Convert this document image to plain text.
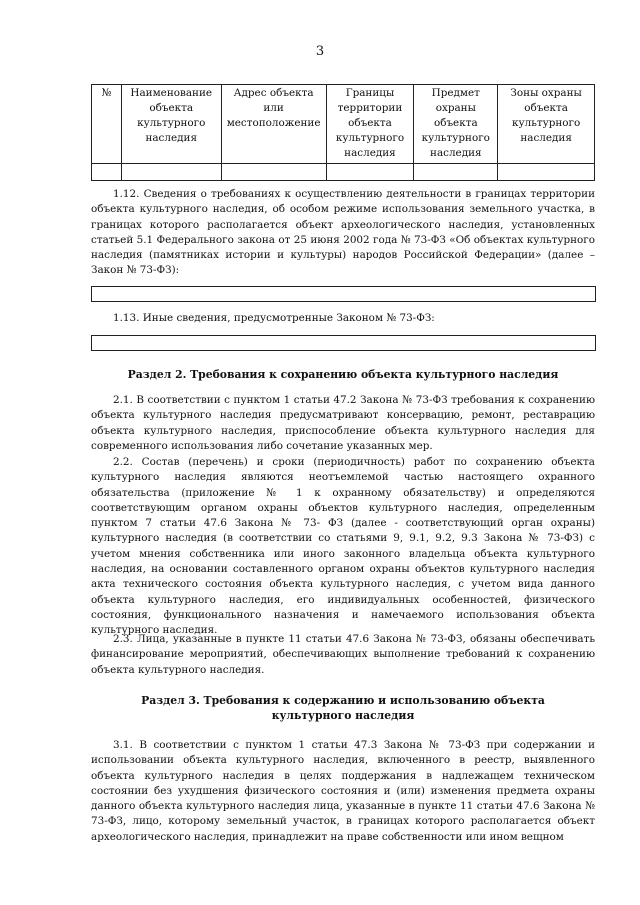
3
№	Наименование объекта культурного наследия	Адрес объекта или местоположение	Границы территории объекта культурного наследия	Предмет охраны объекта культурного наследия	Зоны охраны объекта культурного наследия

1.12. Сведения о требованиях к осуществлению деятельности в границах территории объекта культурного наследия, об особом режиме использования земельного участка, в границах которого располагается объект археологического наследия, установленных статьей 5.1 Федерального закона от 25 июня 2002 года № 73-ФЗ «Об объектах культурного наследия (памятниках истории и культуры) народов Российской Федерации» (далее – Закон № 73-ФЗ):

1.13. Иные сведения, предусмотренные Законом № 73-ФЗ:

Раздел 2. Требования к сохранению объекта культурного наследия

2.1. В соответствии с пунктом 1 статьи 47.2 Закона № 73-ФЗ требования к сохранению объекта культурного наследия предусматривают консервацию, ремонт, реставрацию объекта культурного наследия, приспособление объекта культурного наследия для современного использования либо сочетание указанных мер.

2.2. Состав (перечень) и сроки (периодичность) работ по сохранению объекта культурного наследия являются неотъемлемой частью настоящего охранного обязательства (приложение № 1 к охранному обязательству) и определяются соответствующим органом охраны объектов культурного наследия, определенным пунктом 7 статьи 47.6 Закона № 73- ФЗ (далее - соответствующий орган охраны) культурного наследия (в соответствии со статьями 9, 9.1, 9.2, 9.3 Закона № 73-ФЗ) с учетом мнения собственника или иного законного владельца объекта культурного наследия, на основании составленного органом охраны объектов культурного наследия акта технического состояния объекта культурного наследия, с учетом вида данного объекта культурного наследия, его индивидуальных особенностей, физического состояния, функционального назначения и намечаемого использования объекта культурного наследия.

2.3. Лица, указанные в пункте 11 статьи 47.6 Закона № 73-ФЗ, обязаны обеспечивать финансирование мероприятий, обеспечивающих выполнение требований к сохранению объекта культурного наследия.

Раздел 3. Требования к содержанию и использованию объекта
культурного наследия

3.1. В соответствии с пунктом 1 статьи 47.3 Закона № 73-ФЗ при содержании и использовании объекта культурного наследия, включенного в реестр, выявленного объекта культурного наследия в целях поддержания в надлежащем техническом состоянии без ухудшения физического состояния и (или) изменения предмета охраны данного объекта культурного наследия лица, указанные в пункте 11 статьи 47.6 Закона № 73-ФЗ, лицо, которому земельный участок, в границах которого располагается объект археологического наследия, принадлежит на праве собственности или ином вещном
